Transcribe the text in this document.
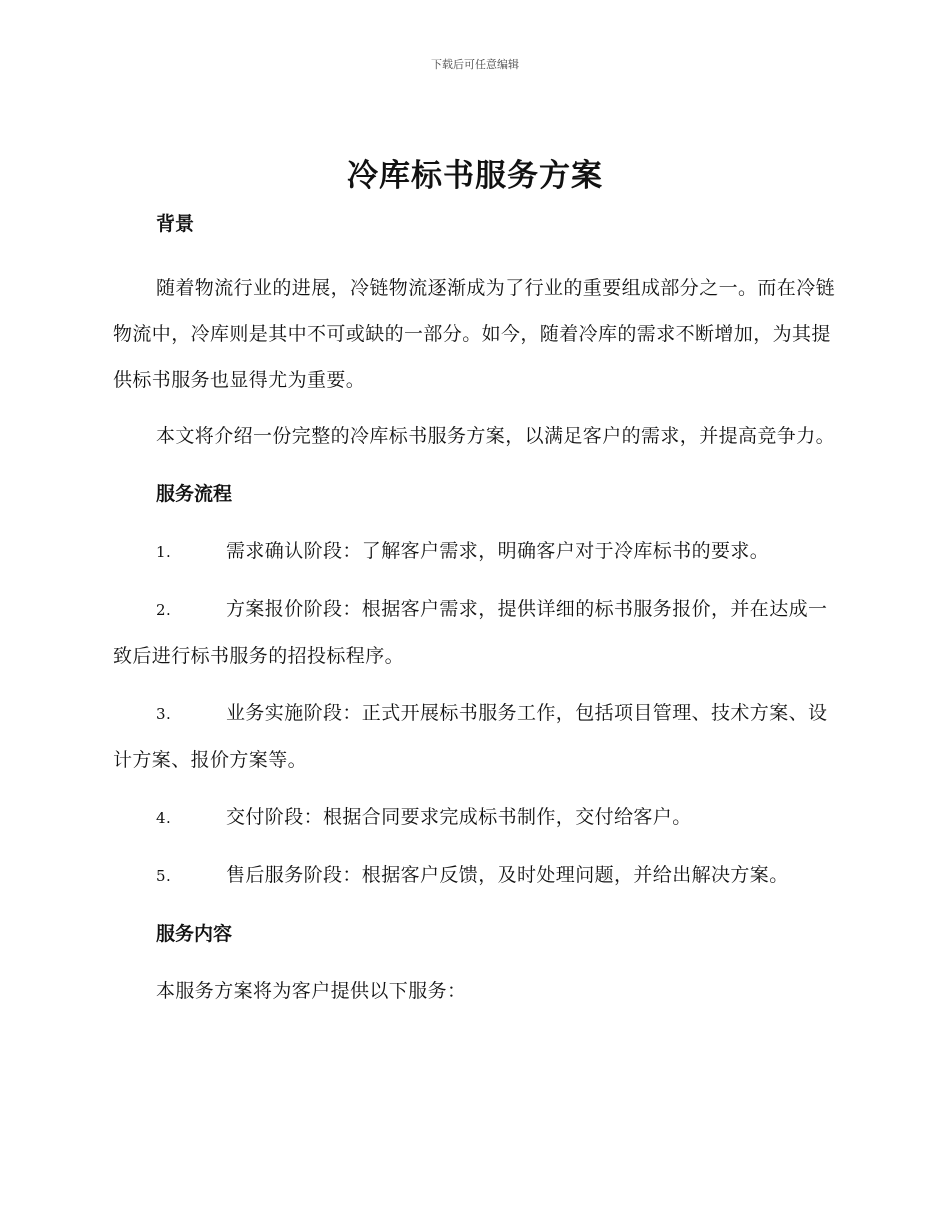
下载后可任意编辑
冷库标书服务方案

背景

随着物流行业的进展，冷链物流逐渐成为了行业的重要组成部分之一。而在冷链物流中，冷库则是其中不可或缺的一部分。如今，随着冷库的需求不断增加，为其提供标书服务也显得尤为重要。

本文将介绍一份完整的冷库标书服务方案，以满足客户的需求，并提高竞争力。

服务流程

1.	需求确认阶段：了解客户需求，明确客户对于冷库标书的要求。

2.	方案报价阶段：根据客户需求，提供详细的标书服务报价，并在达成一致后进行标书服务的招投标程序。

3.	业务实施阶段：正式开展标书服务工作，包括项目管理、技术方案、设计方案、报价方案等。

4.	交付阶段：根据合同要求完成标书制作，交付给客户。

5.	售后服务阶段：根据客户反馈，及时处理问题，并给出解决方案。

服务内容

本服务方案将为客户提供以下服务：
